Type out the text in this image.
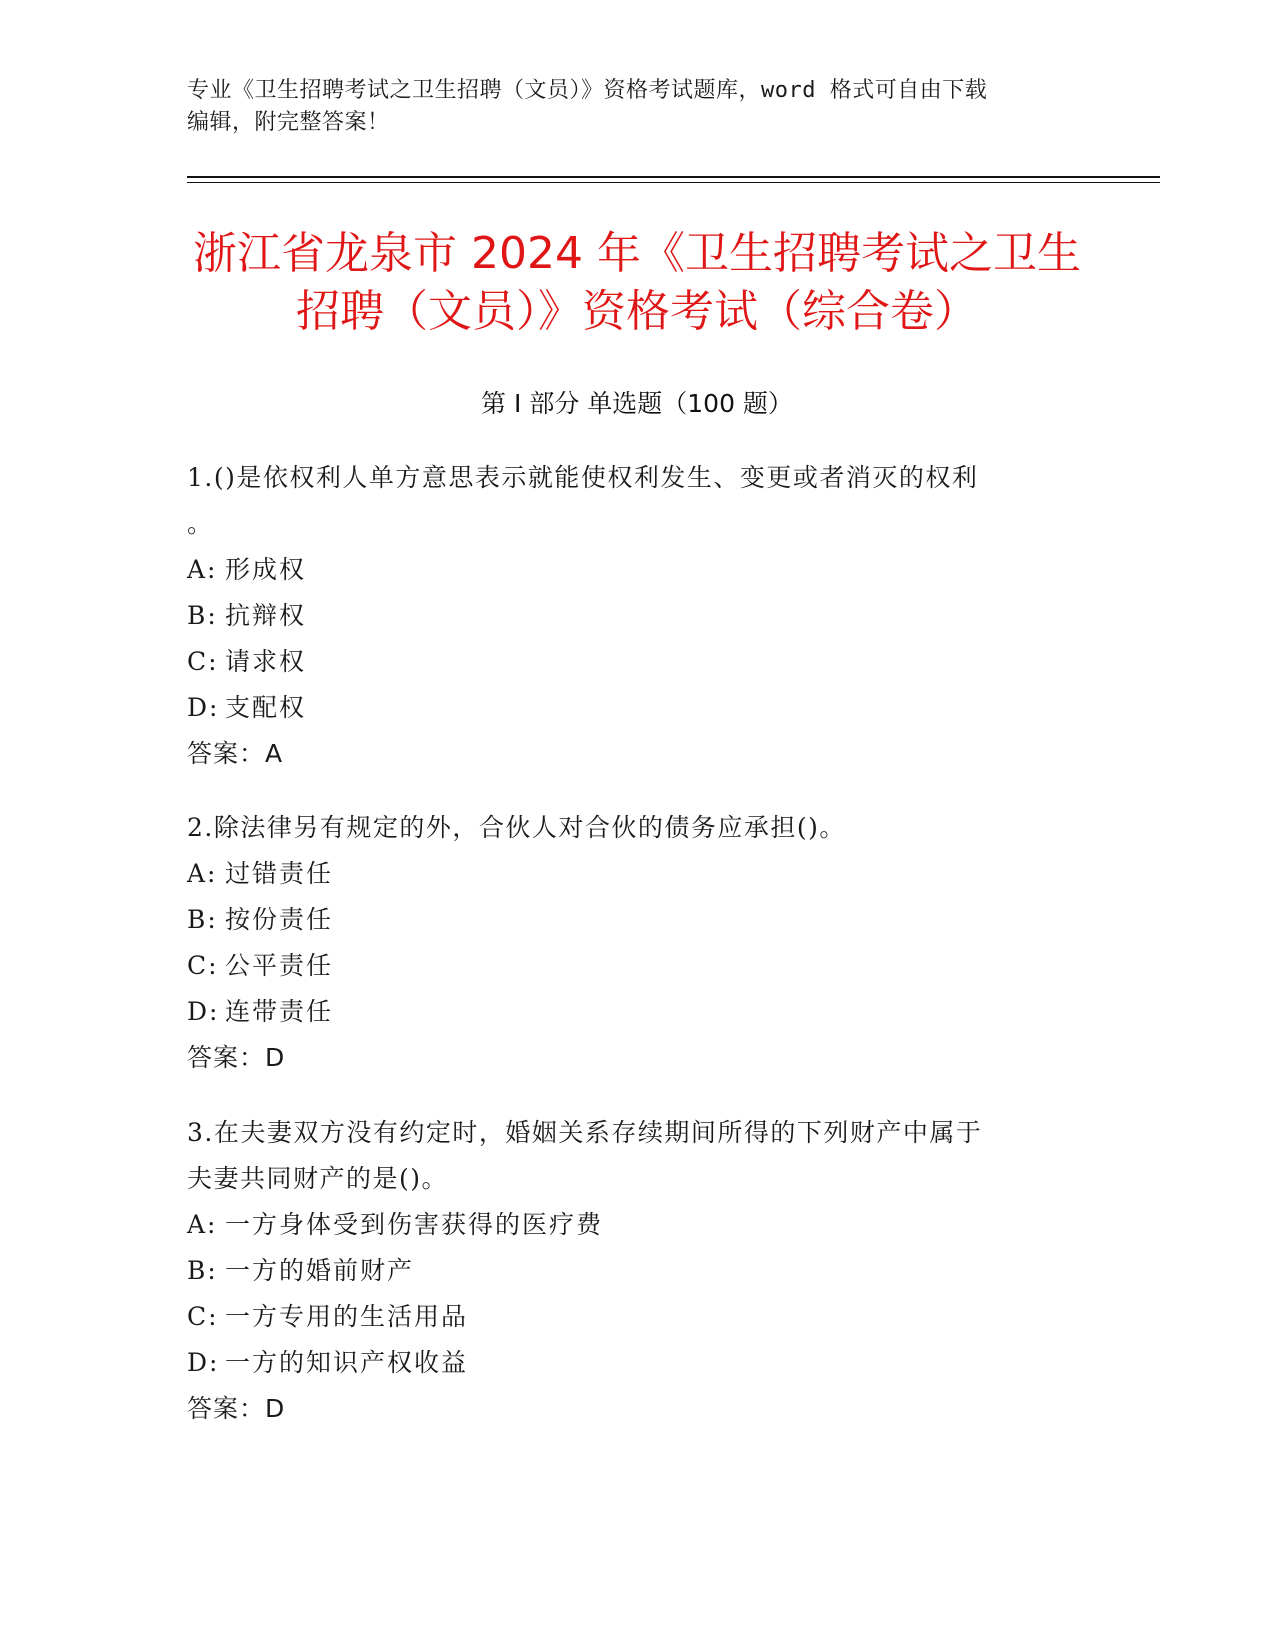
专业《卫生招聘考试之卫生招聘（文员）》资格考试题库，word 格式可自由下载
编辑，附完整答案！
浙江省龙泉市 2024 年《卫生招聘考试之卫生
招聘（文员）》资格考试（综合卷）
第 I 部分 单选题（100 题）
1.()是依权利人单方意思表示就能使权利发生、变更或者消灭的权利
。
A: 形成权
B: 抗辩权
C: 请求权
D: 支配权
答案：A
2.除法律另有规定的外，合伙人对合伙的债务应承担()。
A: 过错责任
B: 按份责任
C: 公平责任
D: 连带责任
答案：D
3.在夫妻双方没有约定时，婚姻关系存续期间所得的下列财产中属于
夫妻共同财产的是()。
A: 一方身体受到伤害获得的医疗费
B: 一方的婚前财产
C: 一方专用的生活用品
D: 一方的知识产权收益
答案：D
